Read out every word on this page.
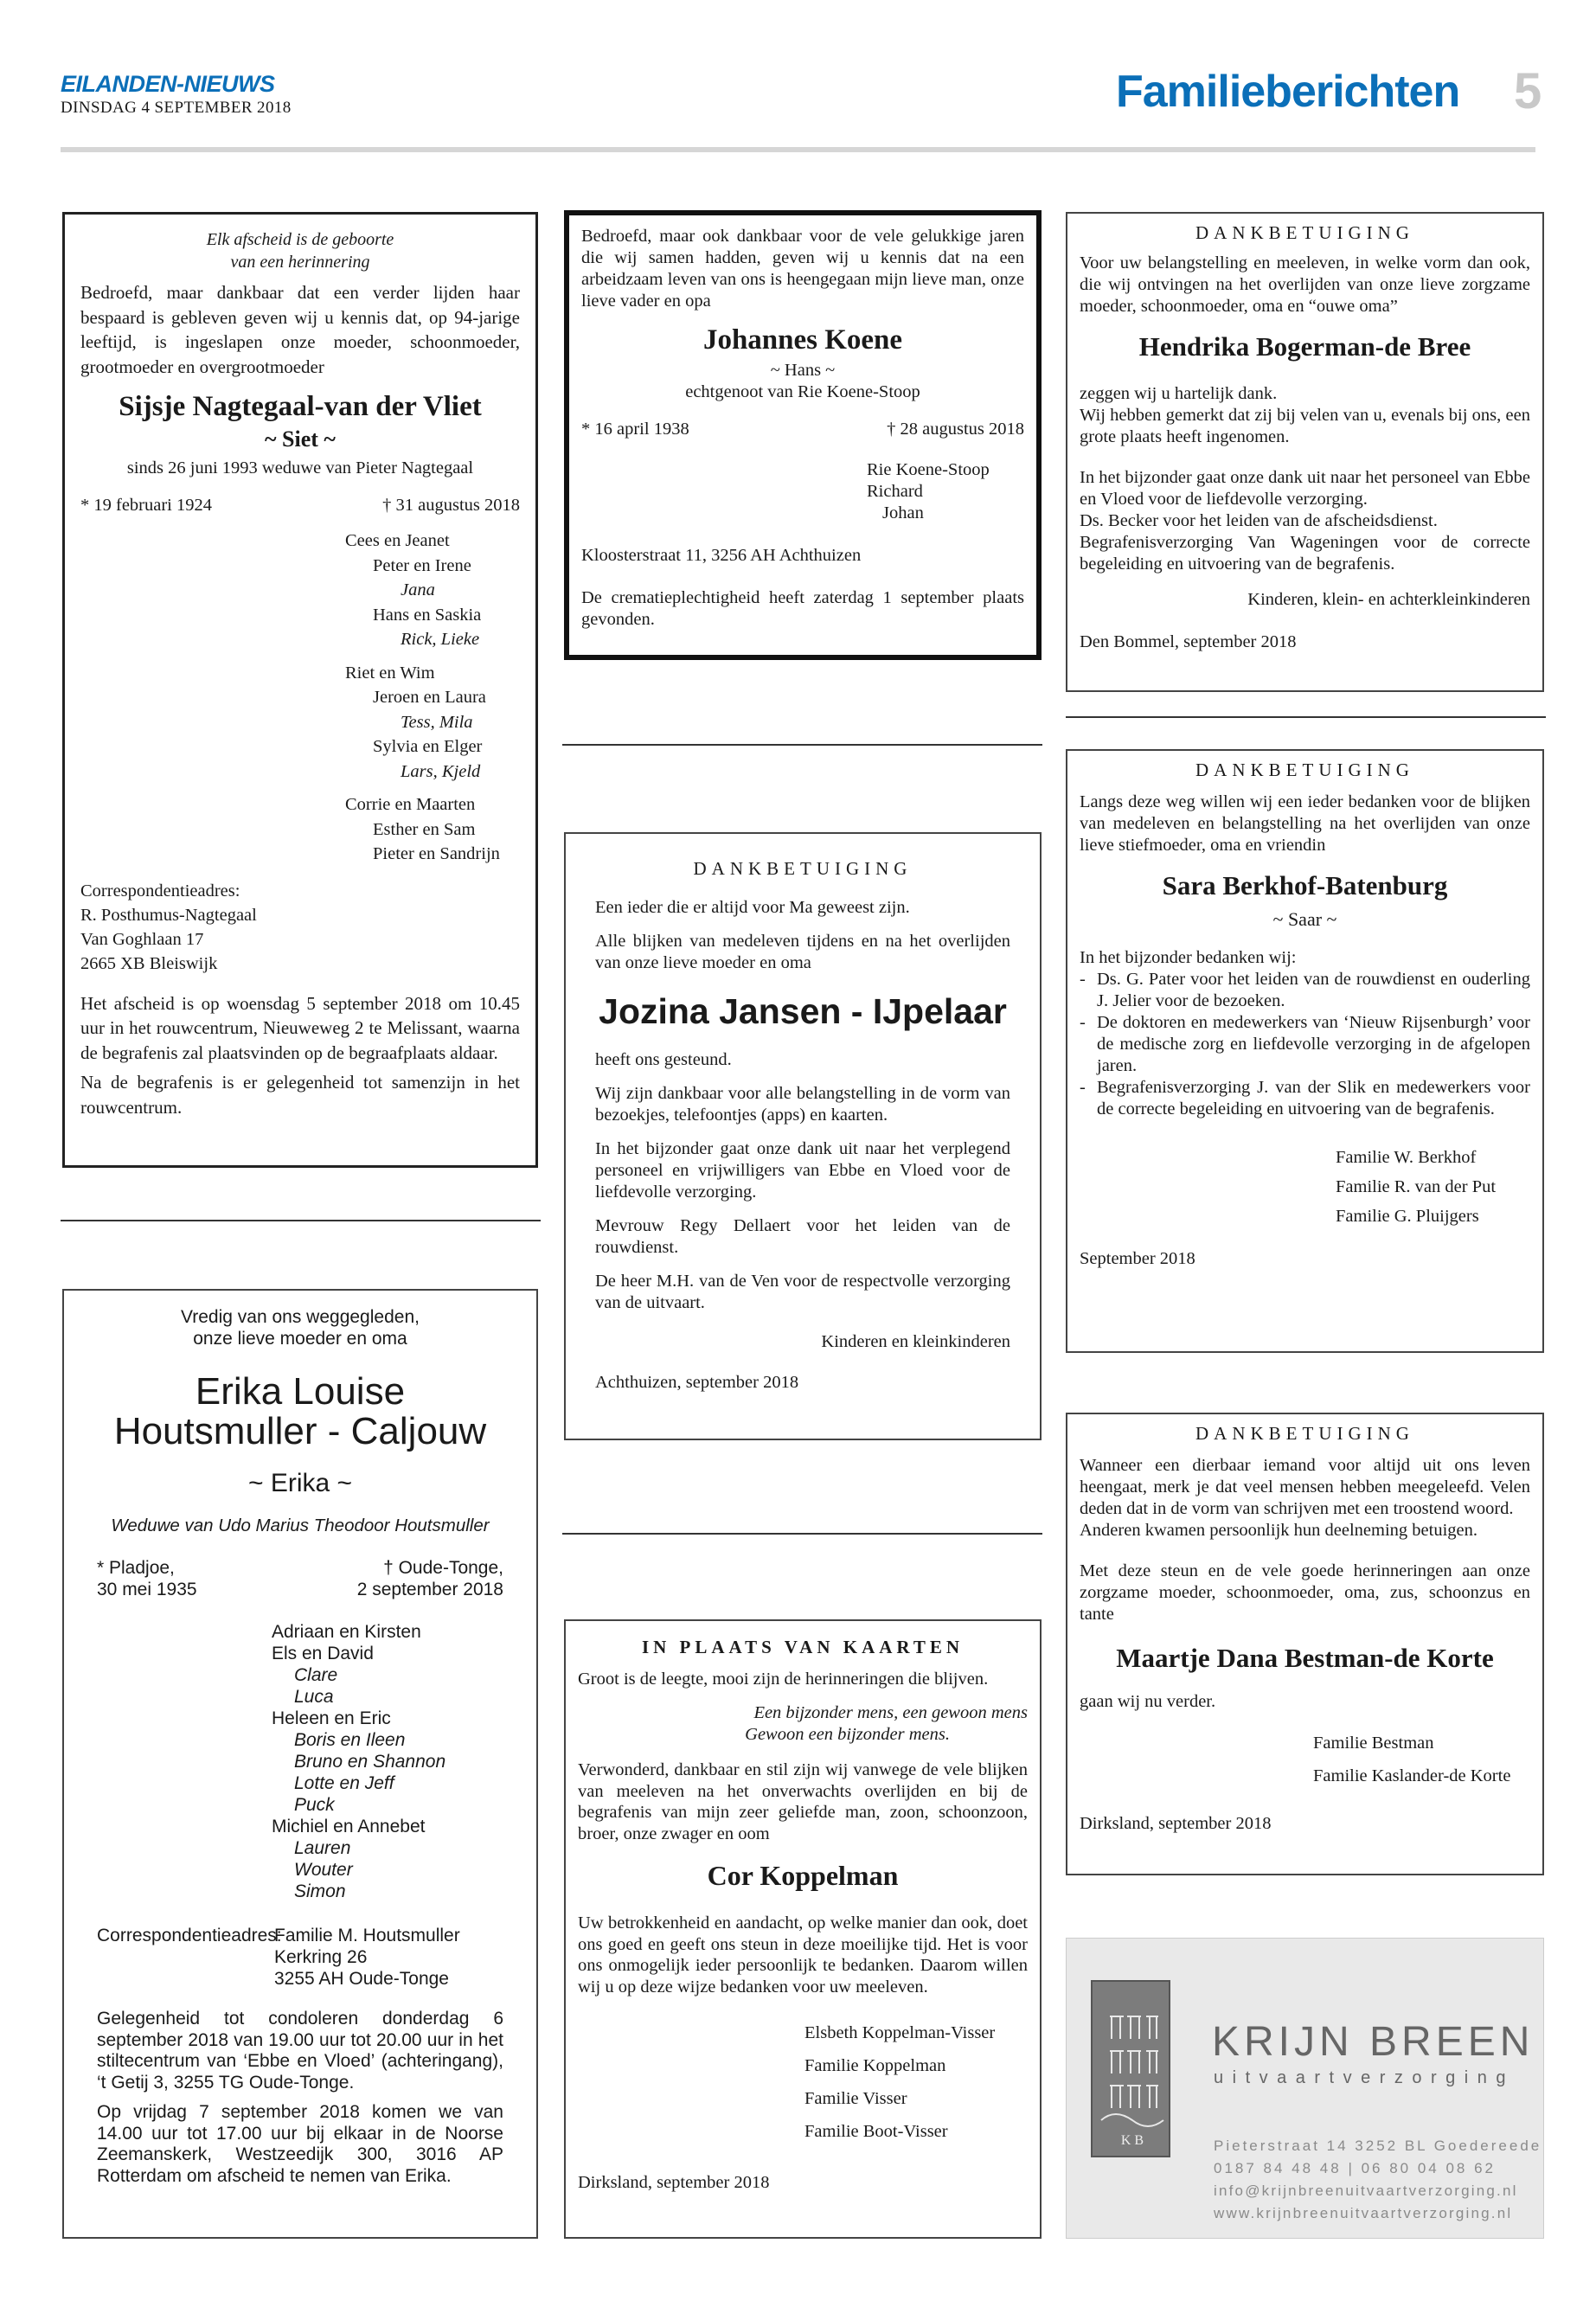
EILANDEN-NIEUWS
DINSDAG 4 SEPTEMBER 2018	Familieberichten 5
Elk afscheid is de geboorte
van een herinnering
Bedroefd, maar dankbaar dat een verder lijden haar bespaard is gebleven geven wij u kennis dat, op 94-jarige leeftijd, is ingeslapen onze moeder, schoonmoeder, grootmoeder en overgrootmoeder
Sijsje Nagtegaal-van der Vliet
~ Siet ~
sinds 26 juni 1993 weduwe van Pieter Nagtegaal
* 19 februari 1924	† 31 augustus 2018
Cees en Jeanet
Peter en Irene
Jana
Hans en Saskia
Rick, Lieke
Riet en Wim
Jeroen en Laura
Tess, Mila
Sylvia en Elger
Lars, Kjeld
Corrie en Maarten
Esther en Sam
Pieter en Sandrijn
Correspondentieadres:
R. Posthumus-Nagtegaal
Van Goghlaan 17
2665 XB Bleiswijk
Het afscheid is op woensdag 5 september 2018 om 10.45 uur in het rouwcentrum, Nieuweweg 2 te Melissant, waarna de begrafenis zal plaatsvinden op de begraafplaats aldaar.
Na de begrafenis is er gelegenheid tot samenzijn in het rouwcentrum.
Vredig van ons weggegleden,
onze lieve moeder en oma
Erika Louise
Houtsmuller - Caljouw
~ Erika ~
Weduwe van Udo Marius Theodoor Houtsmuller
* Pladjoe,
30 mei 1935
† Oude-Tonge,
2 september 2018
Adriaan en Kirsten
Els en David
Clare
Luca
Heleen en Eric
Boris en Ileen
Bruno en Shannon
Lotte en Jeff
Puck
Michiel en Annebet
Lauren
Wouter
Simon
Correspondentieadres:
Familie M. Houtsmuller
Kerkring 26
3255 AH Oude-Tonge
Gelegenheid tot condoleren donderdag 6 september 2018 van 19.00 uur tot 20.00 uur in het stiltecentrum van ‘Ebbe en Vloed’ (achteringang), ‘t Getij 3, 3255 TG Oude-Tonge.
Op vrijdag 7 september 2018 komen we van 14.00 uur tot 17.00 uur bij elkaar in de Noorse Zeemanskerk, Westzeedijk 300, 3016 AP Rotterdam om afscheid te nemen van Erika.
Bedroefd, maar ook dankbaar voor de vele gelukkige jaren die wij samen hadden, geven wij u kennis dat na een arbeidzaam leven van ons is heengegaan mijn lieve man, onze lieve vader en opa
Johannes Koene
~ Hans ~
echtgenoot van Rie Koene-Stoop
* 16 april 1938	† 28 augustus 2018
Rie Koene-Stoop
Richard
Johan
Kloosterstraat 11, 3256 AH Achthuizen
De crematieplechtigheid heeft zaterdag 1 september plaats gevonden.
DANKBETUIGING
Een ieder die er altijd voor Ma geweest zijn.
Alle blijken van medeleven tijdens en na het overlijden van onze lieve moeder en oma
Jozina Jansen - IJpelaar
heeft ons gesteund.
Wij zijn dankbaar voor alle belangstelling in de vorm van bezoekjes, telefoontjes (apps) en kaarten.
In het bijzonder gaat onze dank uit naar het verplegend personeel en vrijwilligers van Ebbe en Vloed voor de liefdevolle verzorging.
Mevrouw Regy Dellaert voor het leiden van de rouwdienst.
De heer M.H. van de Ven voor de respectvolle verzorging van de uitvaart.
Kinderen en kleinkinderen
Achthuizen, september 2018
IN PLAATS VAN KAARTEN
Groot is de leegte, mooi zijn de herinneringen die blijven.
Een bijzonder mens, een gewoon mens
Gewoon een bijzonder mens.
Verwonderd, dankbaar en stil zijn wij vanwege de vele blijken van meeleven na het onverwachts overlijden en bij de begrafenis van mijn zeer geliefde man, zoon, schoonzoon, broer, onze zwager en oom
Cor Koppelman
Uw betrokkenheid en aandacht, op welke manier dan ook, doet ons goed en geeft ons steun in deze moeilijke tijd. Het is voor ons onmogelijk ieder persoonlijk te bedanken. Daarom willen wij u op deze wijze bedanken voor uw meeleven.
Elsbeth Koppelman-Visser
Familie Koppelman
Familie Visser
Familie Boot-Visser
Dirksland, september 2018
DANKBETUIGING
Voor uw belangstelling en meeleven, in welke vorm dan ook, die wij ontvingen na het overlijden van onze lieve zorgzame moeder, schoonmoeder, oma en “ouwe oma”
Hendrika Bogerman-de Bree
zeggen wij u hartelijk dank.
Wij hebben gemerkt dat zij bij velen van u, evenals bij ons, een grote plaats heeft ingenomen.
In het bijzonder gaat onze dank uit naar het personeel van Ebbe en Vloed voor de liefdevolle verzorging.
Ds. Becker voor het leiden van de afscheidsdienst.
Begrafenisverzorging Van Wageningen voor de correcte begeleiding en uitvoering van de begrafenis.
Kinderen, klein- en achterkleinkinderen
Den Bommel, september 2018
DANKBETUIGING
Langs deze weg willen wij een ieder bedanken voor de blijken van medeleven en belangstelling na het overlijden van onze lieve stiefmoeder, oma en vriendin
Sara Berkhof-Batenburg
~ Saar ~
In het bijzonder bedanken wij:
- Ds. G. Pater voor het leiden van de rouwdienst en ouderling J. Jelier voor de bezoeken.
- De doktoren en medewerkers van ‘Nieuw Rijsenburgh’ voor de medische zorg en liefdevolle verzorging in de afgelopen jaren.
- Begrafenisverzorging J. van der Slik en medewerkers voor de correcte begeleiding en uitvoering van de begrafenis.
Familie W. Berkhof
Familie R. van der Put
Familie G. Pluijgers
September 2018
DANKBETUIGING
Wanneer een dierbaar iemand voor altijd uit ons leven heengaat, merk je dat veel mensen hebben meegeleefd. Velen deden dat in de vorm van schrijven met een troostend woord.
Anderen kwamen persoonlijk hun deelneming betuigen.
Met deze steun en de vele goede herinneringen aan onze zorgzame moeder, schoonmoeder, oma, zus, schoonzus en tante
Maartje Dana Bestman-de Korte
gaan wij nu verder.
Familie Bestman
Familie Kaslander-de Korte
Dirksland, september 2018
K B
KRIJN BREEN
uitvaartverzorging
Pieterstraat 14 3252 BL Goedereede
0187 84 48 48 | 06 80 04 08 62
info@krijnbreenuitvaartverzorging.nl
www.krijnbreenuitvaartverzorging.nl
